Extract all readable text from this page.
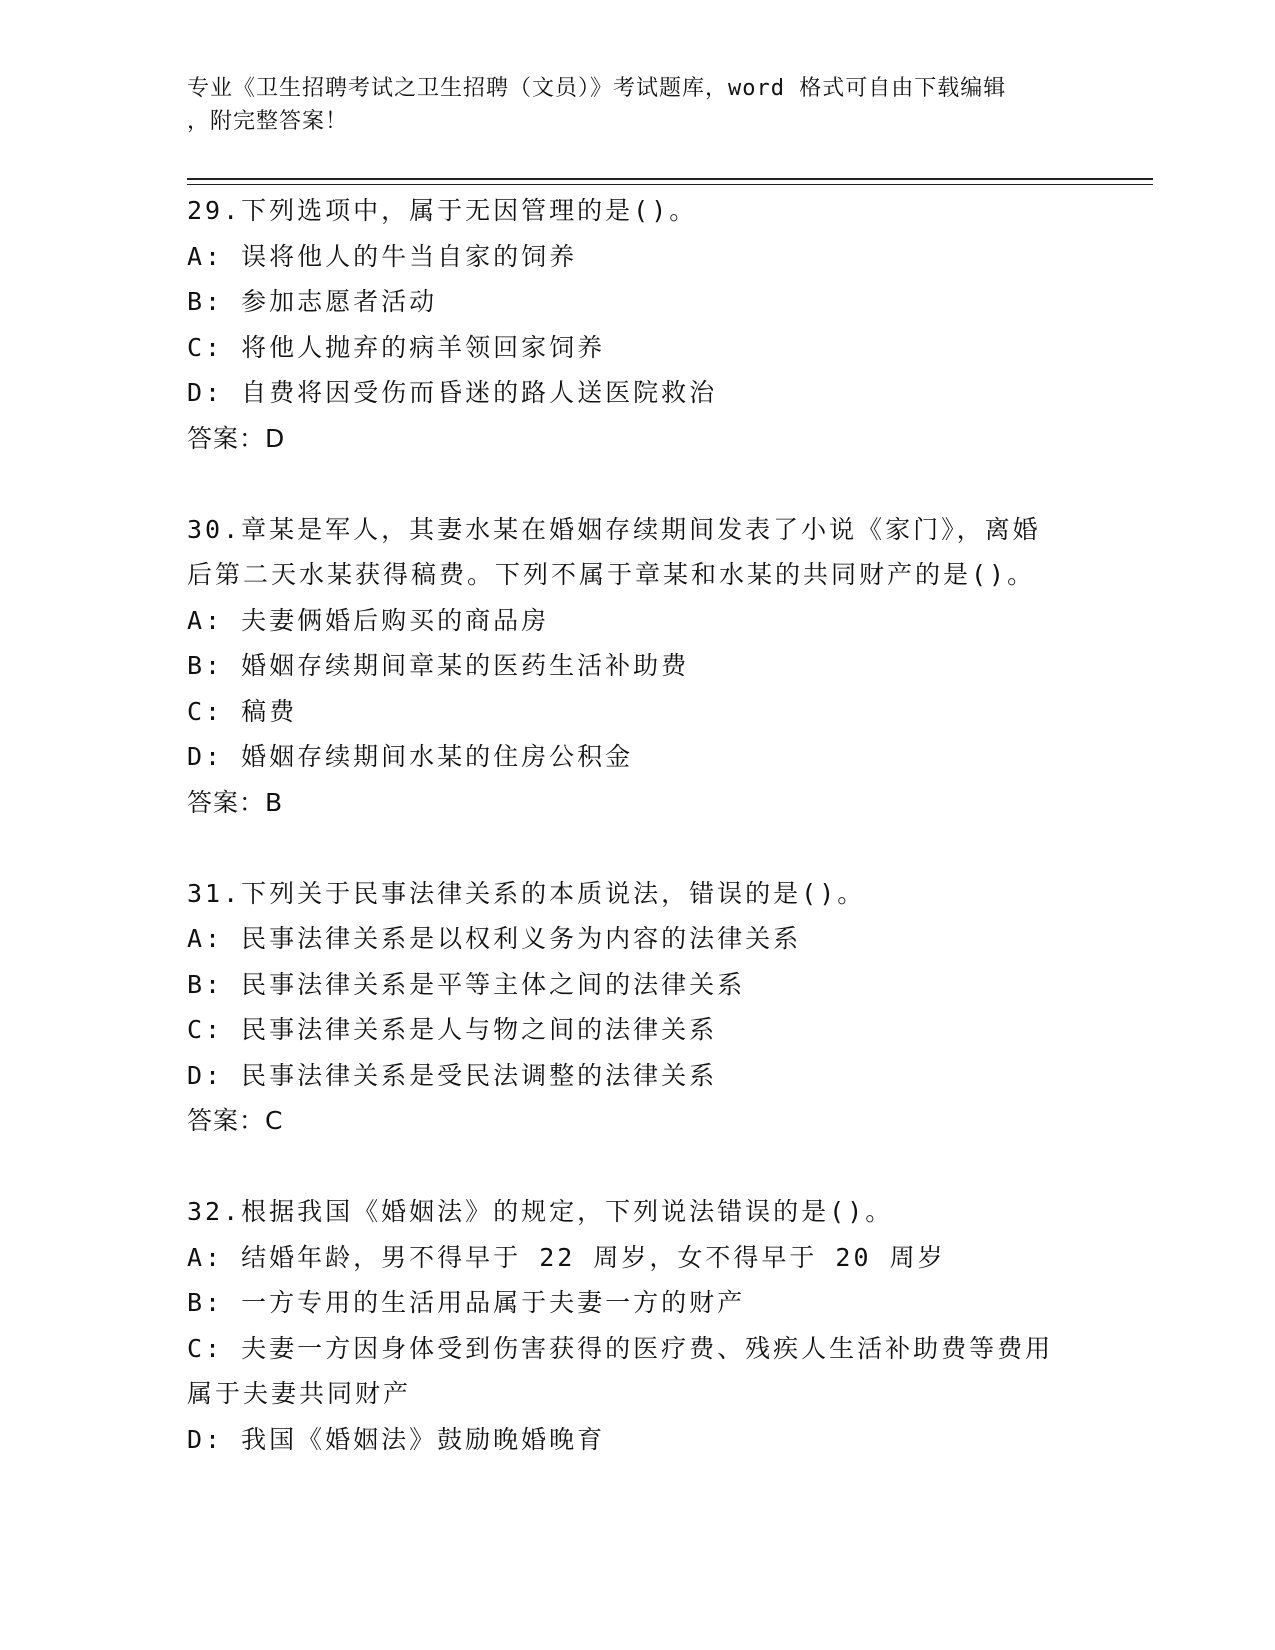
专业《卫生招聘考试之卫生招聘（文员）》考试题库，word 格式可自由下载编辑
，附完整答案！
29.下列选项中，属于无因管理的是()。
A: 误将他人的牛当自家的饲养
B: 参加志愿者活动
C: 将他人抛弃的病羊领回家饲养
D: 自费将因受伤而昏迷的路人送医院救治
答案：D
30.章某是军人，其妻水某在婚姻存续期间发表了小说《家门》，离婚
后第二天水某获得稿费。下列不属于章某和水某的共同财产的是()。
A: 夫妻俩婚后购买的商品房
B: 婚姻存续期间章某的医药生活补助费
C: 稿费
D: 婚姻存续期间水某的住房公积金
答案：B
31.下列关于民事法律关系的本质说法，错误的是()。
A: 民事法律关系是以权利义务为内容的法律关系
B: 民事法律关系是平等主体之间的法律关系
C: 民事法律关系是人与物之间的法律关系
D: 民事法律关系是受民法调整的法律关系
答案：C
32.根据我国《婚姻法》的规定，下列说法错误的是()。
A: 结婚年龄，男不得早于 22 周岁，女不得早于 20 周岁
B: 一方专用的生活用品属于夫妻一方的财产
C: 夫妻一方因身体受到伤害获得的医疗费、残疾人生活补助费等费用
属于夫妻共同财产
D: 我国《婚姻法》鼓励晚婚晚育
